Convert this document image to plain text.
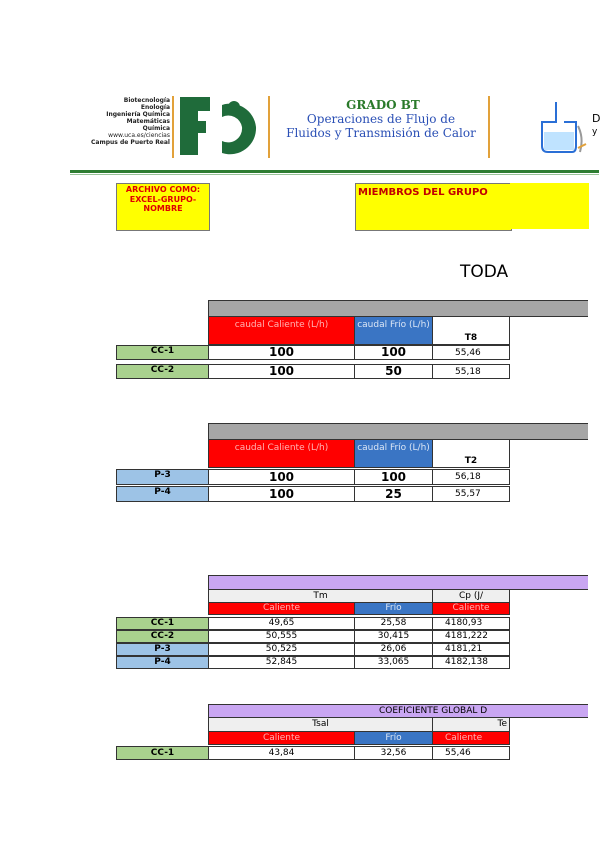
Biotecnología
Enología
Ingeniería Química
Matemáticas
Química
www.uca.es/ciencias
Campus de Puerto Real
GRADO BT
Operaciones de Flujo de Fluidos y Transmisión de Calor
D
y
ARCHIVO COMO: EXCEL-GRUPO-NOMBRE
MIEMBROS DEL GRUPO
TODA
caudal Caliente (L/h)	caudal Frío (L/h)
T8
CC-1	100	100	55,46
CC-2	100	50	55,18
caudal Caliente (L/h)	caudal Frío (L/h)
T2
P-3	100	100	56,18
P-4	100	25	55,57
Tm	Cp (J/
Caliente	Frío	Caliente
CC-1	49,65	25,58	4180,93
CC-2	50,555	30,415	4181,222
P-3	50,525	26,06	4181,21
P-4	52,845	33,065	4182,138
COEFICIENTE GLOBAL D
Tsal	Te
Caliente	Frío	Caliente
CC-1	43,84	32,56	55,46
